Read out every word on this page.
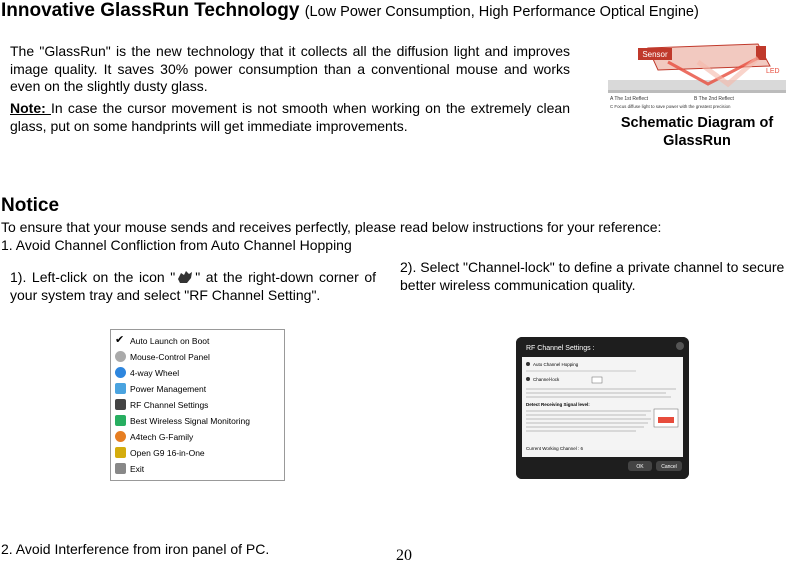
Innovative GlassRun Technology (Low Power Consumption, High Performance Optical Engine)
The "GlassRun" is the new technology that it collects all the diffusion light and improves image quality. It saves 30% power consumption than a conventional mouse and works even on the slightly dusty glass.
Note: In case the cursor movement is not smooth when working on the extremely clean glass, put on some handprints will get immediate improvements.
Sensor
LED
A The 1st Reflect	B The 2nd Reflect
C Focus diffuse light to save power with the greatest precision
Schematic Diagram of GlassRun
Notice
To ensure that your mouse sends and receives perfectly, please read below instructions for your reference:
1. Avoid Channel Confliction from Auto Channel Hopping
1). Left-click on the icon " " at the right-down corner of your system tray and select "RF Channel Setting".
2). Select "Channel-lock" to define a private channel to secure better wireless communication quality.
✔ Auto Launch on Boot
Mouse-Control Panel
4-way Wheel
Power Management
RF Channel Settings
Best Wireless Signal Monitoring
A4tech G-Family
Open G9 16-in-One
Exit
RF Channel Settings :
Auto Channel Hopping
Channel-lock
Detect Receiving Signal level:
Current Working Channel : 6
OK	Cancel
2. Avoid Interference from iron panel of PC.	20
